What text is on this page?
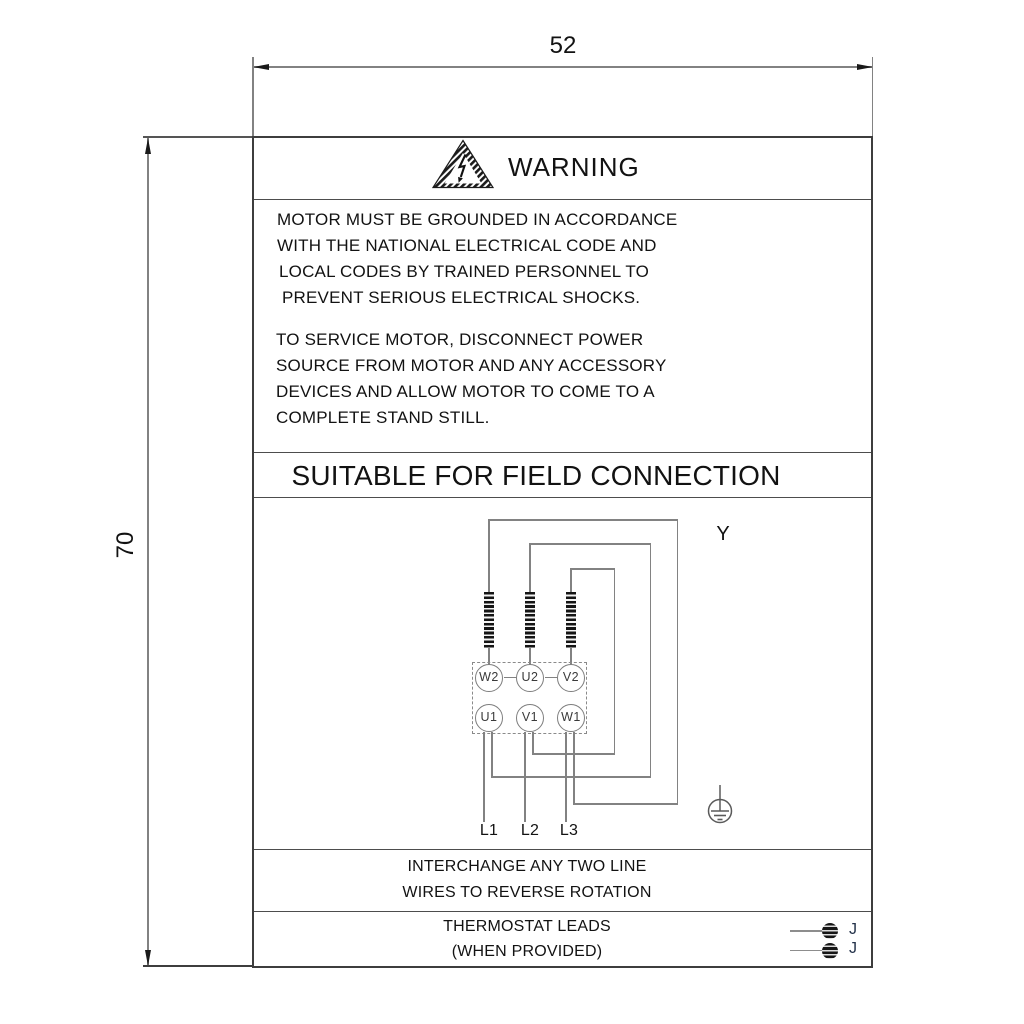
52
70
WARNING
MOTOR MUST BE GROUNDED IN ACCORDANCE
WITH THE NATIONAL ELECTRICAL CODE AND
LOCAL CODES BY TRAINED PERSONNEL TO
PREVENT SERIOUS ELECTRICAL SHOCKS.
TO SERVICE MOTOR, DISCONNECT POWER
SOURCE FROM MOTOR AND ANY ACCESSORY
DEVICES AND ALLOW MOTOR TO COME TO A
COMPLETE STAND STILL.
SUITABLE FOR FIELD CONNECTION
W2	U2	V2
U1	V1	W1
L1	L2	L3
Y
INTERCHANGE ANY TWO LINE
WIRES TO REVERSE ROTATION
THERMOSTAT LEADS
(WHEN PROVIDED)
J
J
